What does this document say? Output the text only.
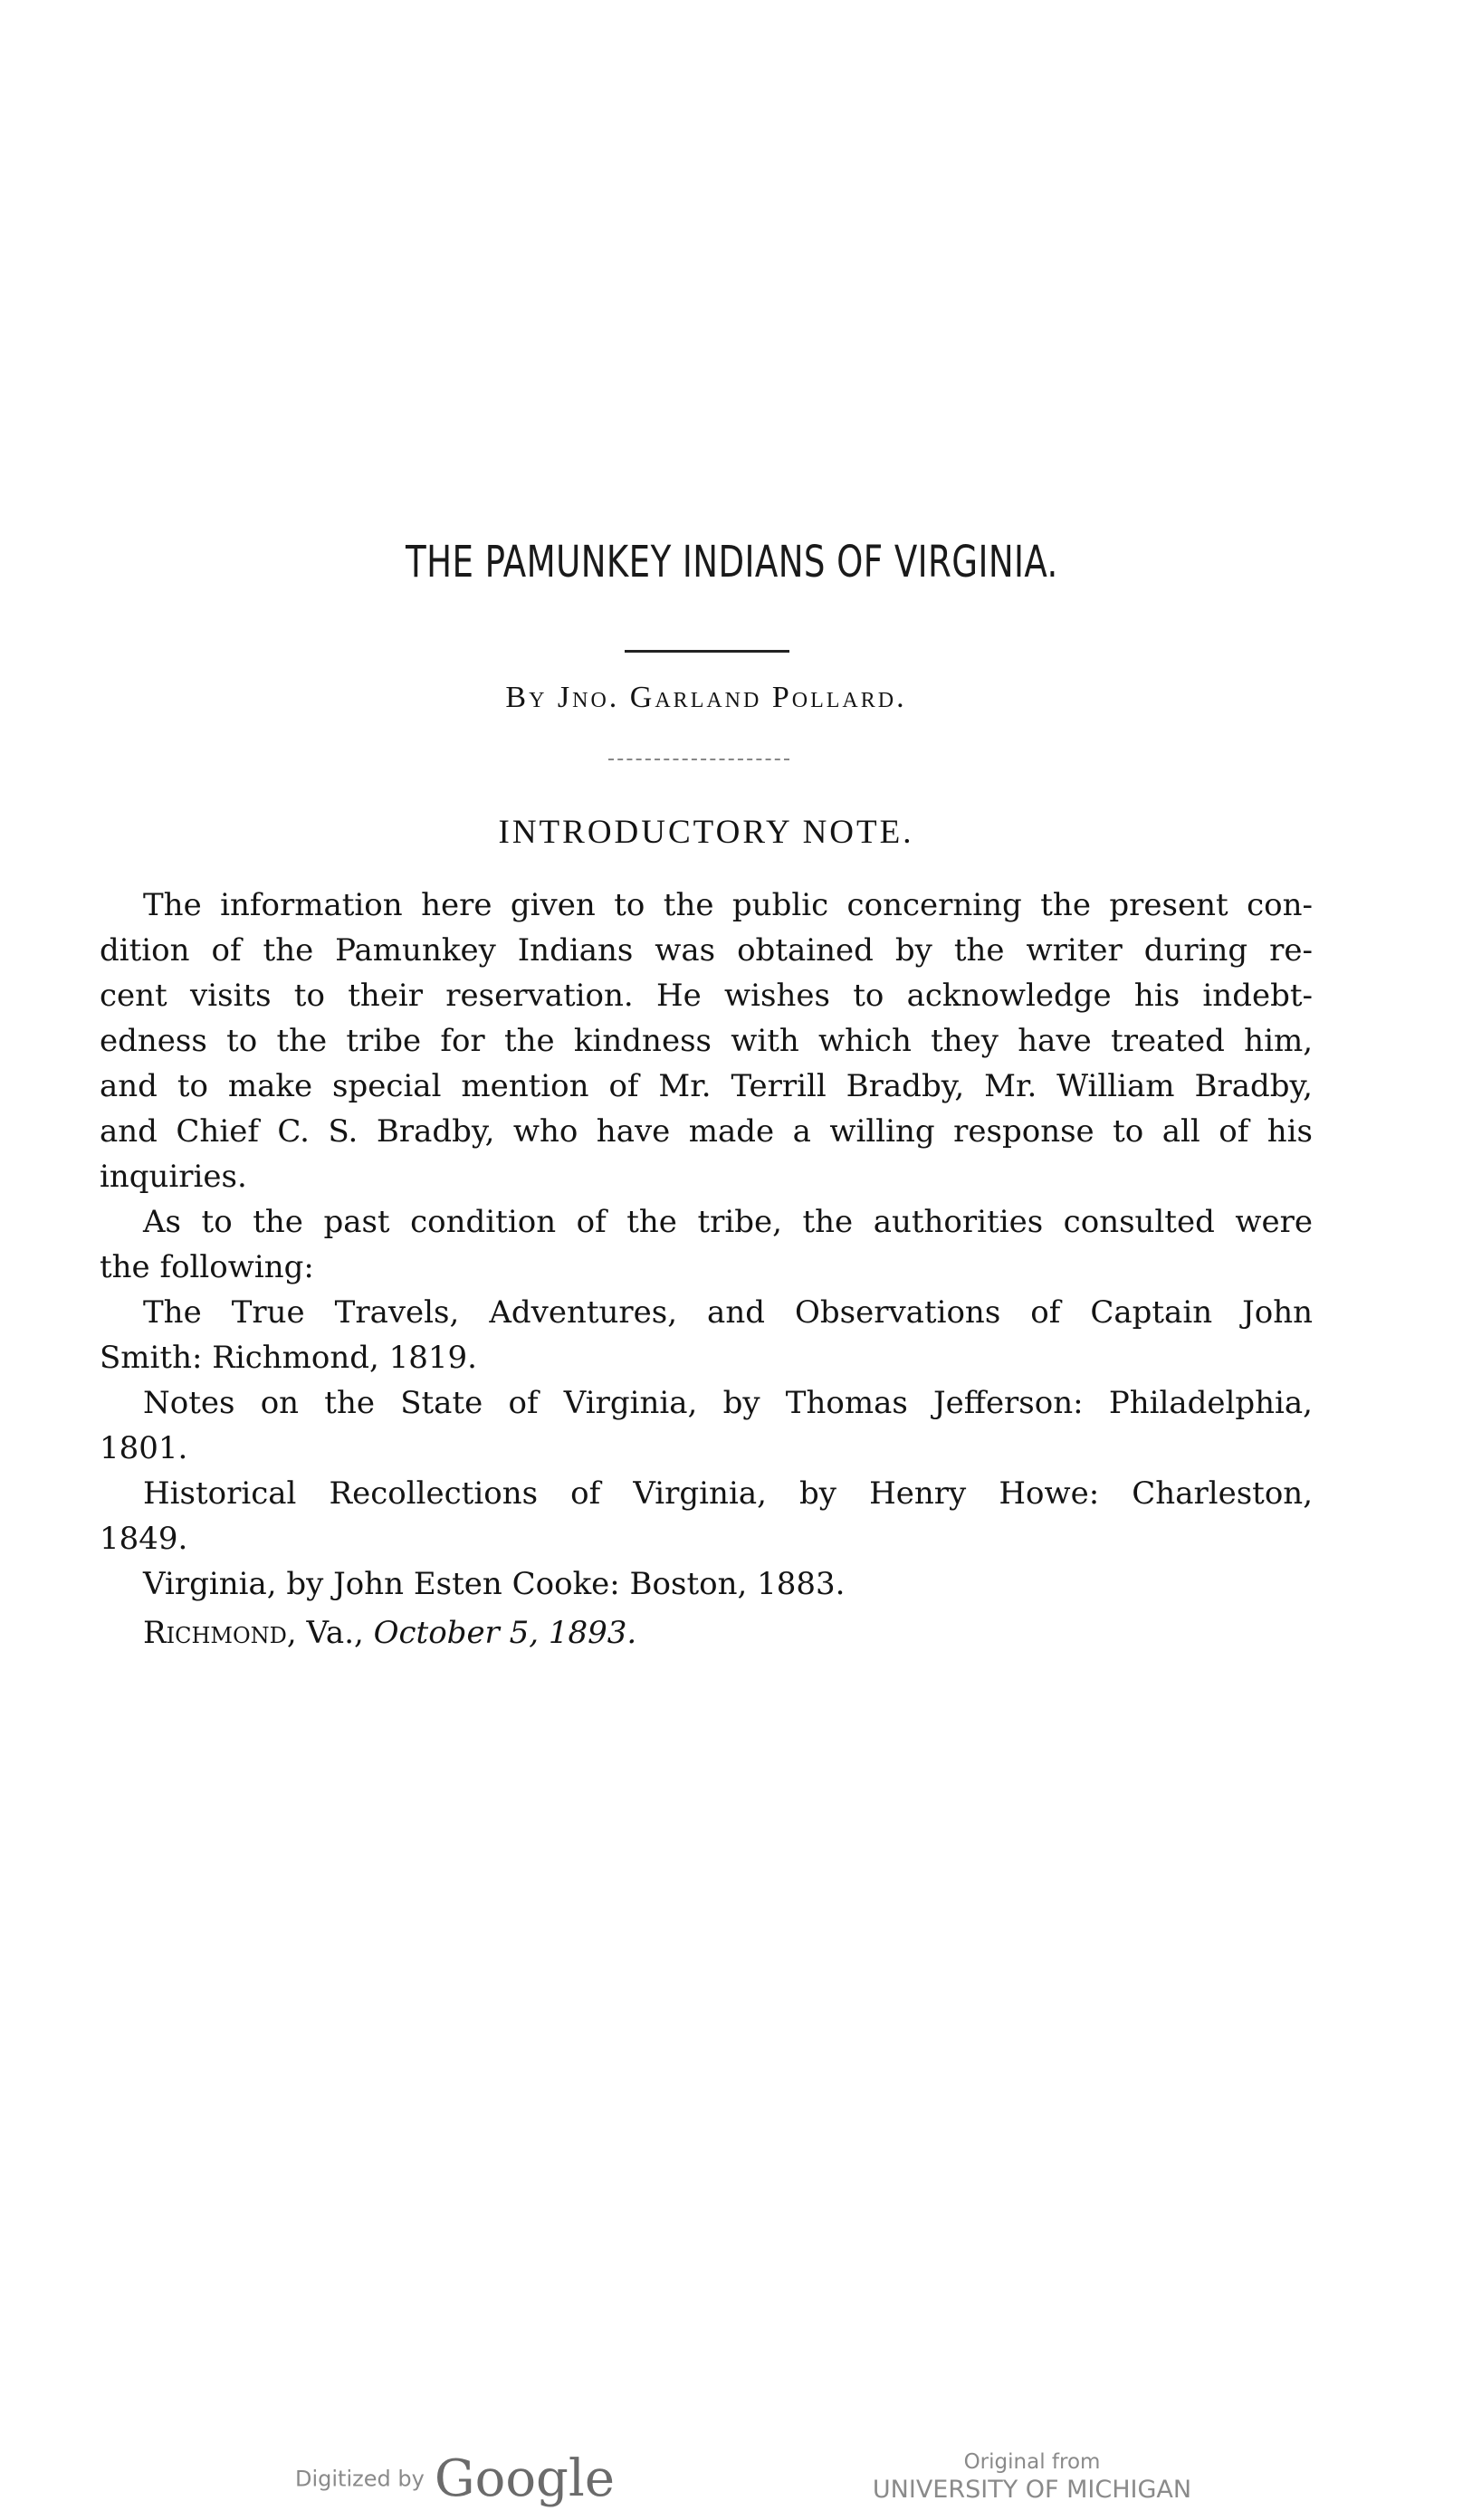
THE PAMUNKEY INDIANS OF VIRGINIA.
By Jno. Garland Pollard.
INTRODUCTORY NOTE.
The information here given to the public concerning the present con-
dition of the Pamunkey Indians was obtained by the writer during re-
cent visits to their reservation. He wishes to acknowledge his indebt-
edness to the tribe for the kindness with which they have treated him,
and to make special mention of Mr. Terrill Bradby, Mr. William Bradby,
and Chief C. S. Bradby, who have made a willing response to all of his
inquiries.
As to the past condition of the tribe, the authorities consulted were
the following:
The True Travels, Adventures, and Observations of Captain John
Smith: Richmond, 1819.
Notes on the State of Virginia, by Thomas Jefferson: Philadelphia,
1801.
Historical Recollections of Virginia, by Henry Howe: Charleston,
1849.
Virginia, by John Esten Cooke: Boston, 1883.
Richmond, Va., October 5, 1893.
Digitized by Google	Original from
UNIVERSITY OF MICHIGAN
